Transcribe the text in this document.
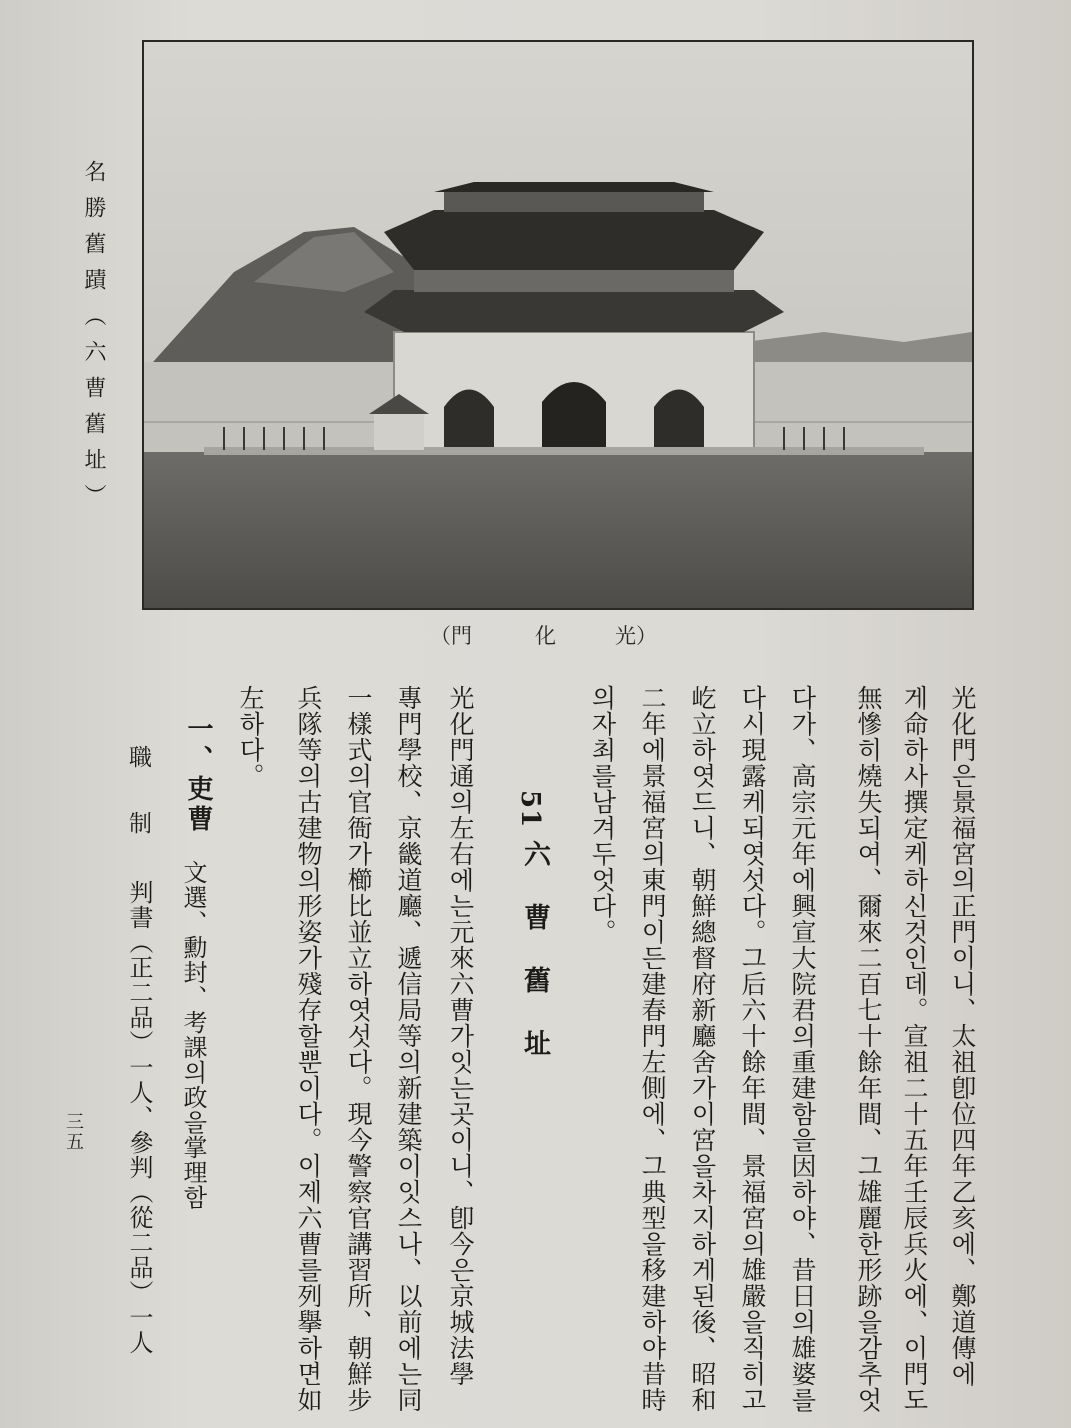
名勝舊蹟（六曹舊址）
（門	化	光）
光化門은景福宮의正門이니、太祖卽位四年乙亥에、鄭道傳에
게命하사撰定케하신것인데。宣祖二十五年壬辰兵火에、이門도
無慘히燒失되여、爾來二百七十餘年間、그雄麗한形跡을감추엇
다가、高宗元年에興宣大院君의重建함을因하야、昔日의雄婆를
다시現露케되엿섯다。그后六十餘年間、景福宮의雄嚴을직히고
屹立하엿드니、朝鮮總督府新廳舍가이宮을차지하게된後、昭和
二年에景福宮의東門이든建春門左側에、그典型을移建하야昔時
의자최를남겨두엇다。
51
六曹舊址
光化門通의左右에는元來六曹가잇는곳이니、卽今은京城法學
專門學校、京畿道廳、遞信局等의新建築이잇스나、以前에는同
一樣式의官衙가櫛比並立하엿섯다。現今警察官講習所、朝鮮步
兵隊等의古建物의形姿가殘存할뿐이다。이제六曹를列擧하면如
左하다。
一、吏曹
文選、勳封、考課의政을掌理함
職　制
判書（正二品）一人、參判（從二品）一人
三五
